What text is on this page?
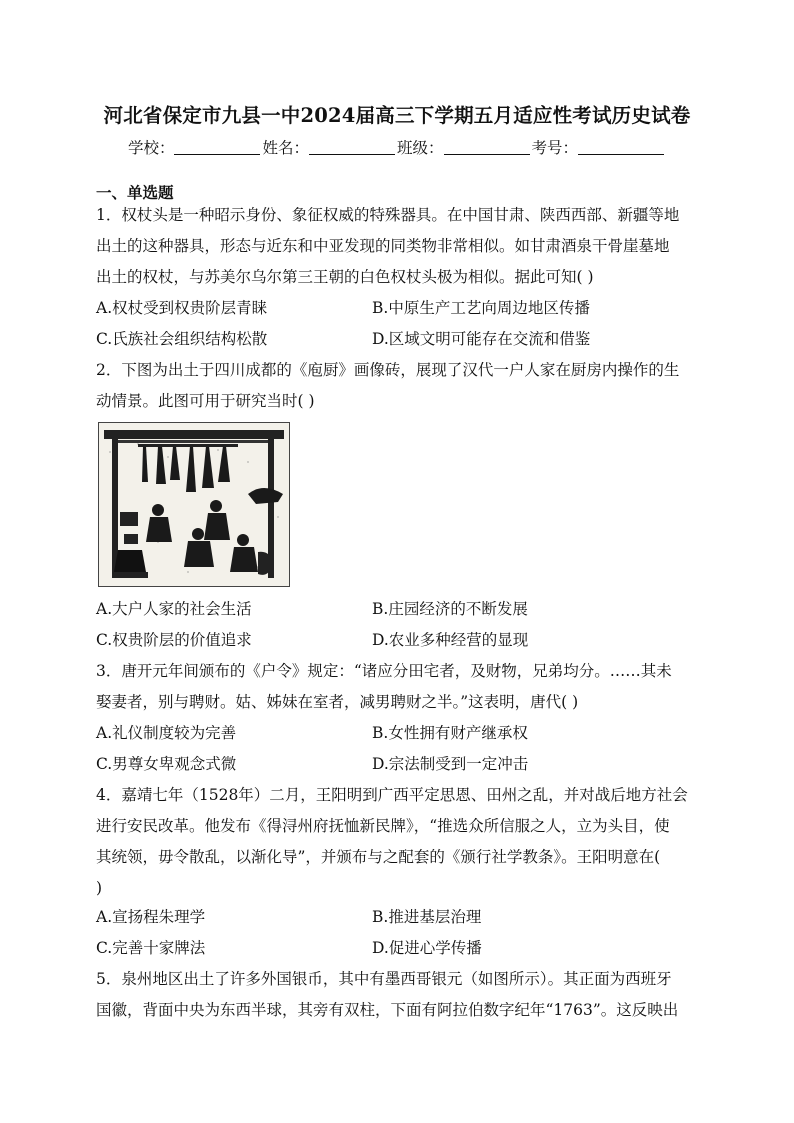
河北省保定市九县一中2024届高三下学期五月适应性考试历史试卷
学校：	姓名：	班级：	考号：
一、单选题
1．权杖头是一种昭示身份、象征权威的特殊器具。在中国甘肃、陕西西部、新疆等地
出土的这种器具，形态与近东和中亚发现的同类物非常相似。如甘肃酒泉干骨崖墓地
出土的权杖，与苏美尔乌尔第三王朝的白色权杖头极为相似。据此可知( )
A.权杖受到权贵阶层青睐	B.中原生产工艺向周边地区传播
C.氏族社会组织结构松散	D.区域文明可能存在交流和借鉴
2．下图为出土于四川成都的《庖厨》画像砖，展现了汉代一户人家在厨房内操作的生
动情景。此图可用于研究当时( )
A.大户人家的社会生活	B.庄园经济的不断发展
C.权贵阶层的价值追求	D.农业多种经营的显现
3．唐开元年间颁布的《户令》规定：“诸应分田宅者，及财物，兄弟均分。……其未
娶妻者，别与聘财。姑、姊妹在室者，减男聘财之半。”这表明，唐代( )
A.礼仪制度较为完善	B.女性拥有财产继承权
C.男尊女卑观念式微	D.宗法制受到一定冲击
4．嘉靖七年（1528年）二月，王阳明到广西平定思恩、田州之乱，并对战后地方社会
进行安民改革。他发布《得浔州府抚恤新民牌》，“推选众所信服之人，立为头目，使
其统领，毋令散乱，以渐化导”，并颁布与之配套的《颁行社学教条》。王阳明意在(
)
A.宣扬程朱理学	B.推进基层治理
C.完善十家牌法	D.促进心学传播
5．泉州地区出土了许多外国银币，其中有墨西哥银元（如图所示）。其正面为西班牙
国徽，背面中央为东西半球，其旁有双柱，下面有阿拉伯数字纪年“1763”。这反映出
